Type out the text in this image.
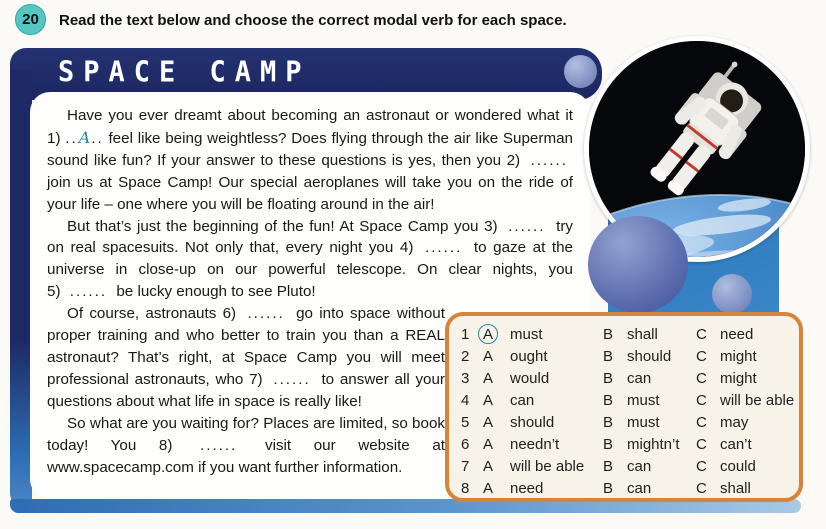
20 Read the text below and choose the correct modal verb for each space.
SPACE CAMP

Have you ever dreamt about becoming an astronaut or wondered what it 1) ..A.. feel like being weightless? Does flying through the air like Superman sound like fun? If your answer to these questions is yes, then you 2)  ......  join us at Space Camp! Our special aeroplanes will take you on the ride of your life – one where you will be floating around in the air!

But that’s just the beginning of the fun! At Space Camp you 3)  ......  try on real spacesuits. Not only that, every night you 4)  ......  to gaze at the universe in close-up on our powerful telescope. On clear nights, you 5)  ......  be lucky enough to see Pluto!

Of course, astronauts 6)  ......  go into space without proper training and who better to train you than a REAL astronaut? That’s right, at Space Camp you will meet professional astronauts, who 7)  ......  to answer all your questions about what life in space is really like!

So what are you waiting for? Places are limited, so book today! You 8)  ......  visit our website at www.spacecamp.com if you want further information.

1 A	must	B shall	C need
2 A	ought	B should	C might
3 A	would	B can	C might
4 A	can	B must	C will be able
5 A	should	B must	C may
6 A	needn’t	B mightn’t	C can’t
7 A	will be able	B can	C could
8 A	need	B can	C shall
